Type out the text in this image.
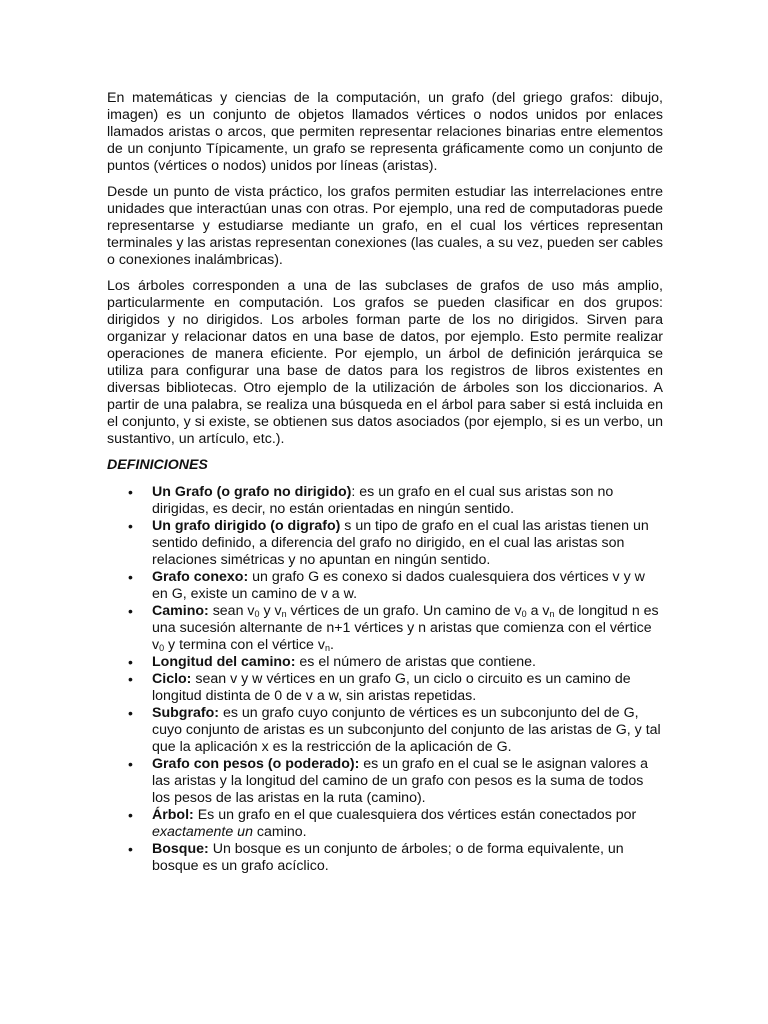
En matemáticas y ciencias de la computación, un grafo (del griego grafos: dibujo, imagen) es un conjunto de objetos llamados vértices o nodos unidos por enlaces llamados aristas o arcos, que permiten representar relaciones binarias entre elementos de un conjunto Típicamente, un grafo se representa gráficamente como un conjunto de puntos (vértices o nodos) unidos por líneas (aristas).

Desde un punto de vista práctico, los grafos permiten estudiar las interrelaciones entre unidades que interactúan unas con otras. Por ejemplo, una red de computadoras puede representarse y estudiarse mediante un grafo, en el cual los vértices representan terminales y las aristas representan conexiones (las cuales, a su vez, pueden ser cables o conexiones inalámbricas).

Los árboles corresponden a una de las subclases de grafos de uso más amplio, particularmente en computación. Los grafos se pueden clasificar en dos grupos: dirigidos y no dirigidos. Los arboles forman parte de los no dirigidos. Sirven para organizar y relacionar datos en una base de datos, por ejemplo. Esto permite realizar operaciones de manera eficiente. Por ejemplo, un árbol de definición jerárquica se utiliza para configurar una base de datos para los registros de libros existentes en diversas bibliotecas. Otro ejemplo de la utilización de árboles son los diccionarios. A partir de una palabra, se realiza una búsqueda en el árbol para saber si está incluida en el conjunto, y si existe, se obtienen sus datos asociados (por ejemplo, si es un verbo, un sustantivo, un artículo, etc.).

DEFINICIONES
• Un Grafo (o grafo no dirigido): es un grafo en el cual sus aristas son no dirigidas, es decir, no están orientadas en ningún sentido.
• Un grafo dirigido (o digrafo) s un tipo de grafo en el cual las aristas tienen un sentido definido, a diferencia del grafo no dirigido, en el cual las aristas son relaciones simétricas y no apuntan en ningún sentido.
• Grafo conexo: un grafo G es conexo si dados cualesquiera dos vértices v y w en G, existe un camino de v a w.
• Camino: sean $v_0$ y $v_n$ vértices de un grafo. Un camino de $v_0$ a $v_n$ de longitud n es una sucesión alternante de n+1 vértices y n aristas que comienza con el vértice $v_0$ y termina con el vértice $v_n$.
• Longitud del camino: es el número de aristas que contiene.
• Ciclo: sean v y w vértices en un grafo G, un ciclo o circuito es un camino de longitud distinta de 0 de v a w, sin aristas repetidas.
• Subgrafo: es un grafo cuyo conjunto de vértices es un subconjunto del de G, cuyo conjunto de aristas es un subconjunto del conjunto de las aristas de G, y tal que la aplicación x es la restricción de la aplicación de G.
• Grafo con pesos (o poderado): es un grafo en el cual se le asignan valores a las aristas y la longitud del camino de un grafo con pesos es la suma de todos los pesos de las aristas en la ruta (camino).
• Árbol: Es un grafo en el que cualesquiera dos vértices están conectados por exactamente un camino.
• Bosque: Un bosque es un conjunto de árboles; o de forma equivalente, un bosque es un grafo acíclico.
